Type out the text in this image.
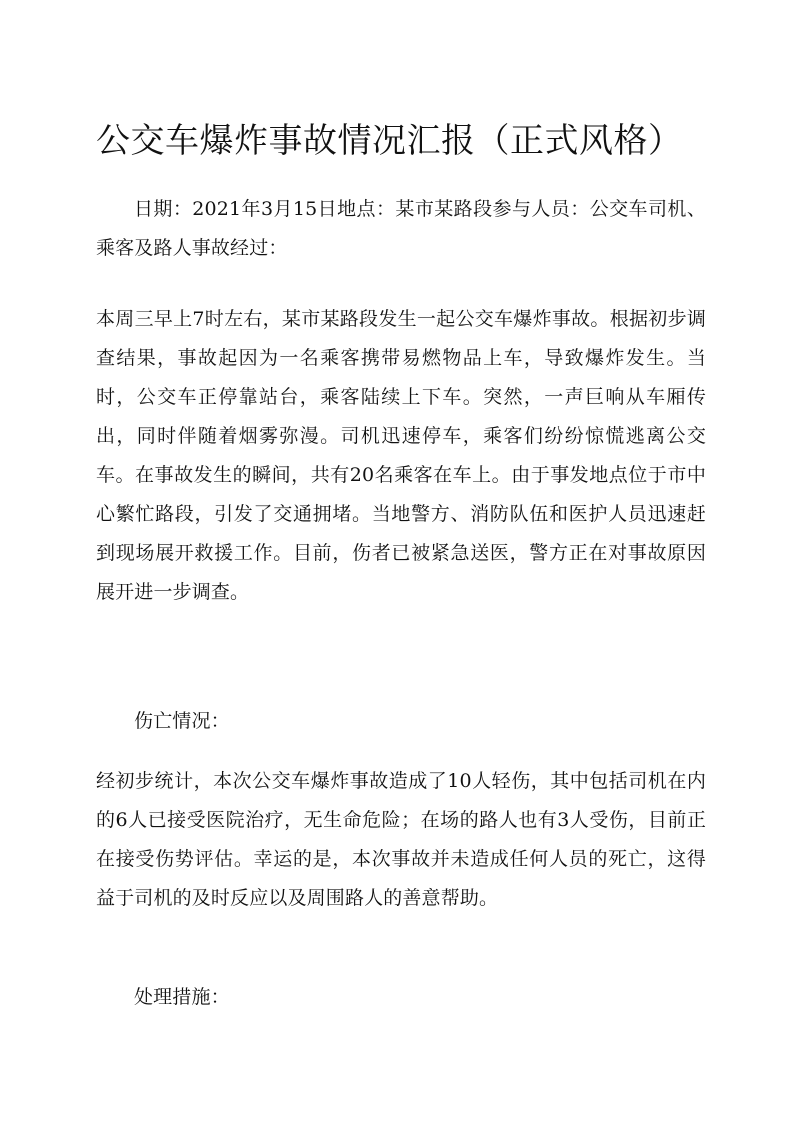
公交车爆炸事故情况汇报（正式风格）

日期：2021年3月15日地点：某市某路段参与人员：公交车司机、乘客及路人事故经过：

本周三早上7时左右，某市某路段发生一起公交车爆炸事故。根据初步调查结果，事故起因为一名乘客携带易燃物品上车，导致爆炸发生。当时，公交车正停靠站台，乘客陆续上下车。突然，一声巨响从车厢传出，同时伴随着烟雾弥漫。司机迅速停车，乘客们纷纷惊慌逃离公交车。在事故发生的瞬间，共有20名乘客在车上。由于事发地点位于市中心繁忙路段，引发了交通拥堵。当地警方、消防队伍和医护人员迅速赶到现场展开救援工作。目前，伤者已被紧急送医，警方正在对事故原因展开进一步调查。

伤亡情况：

经初步统计，本次公交车爆炸事故造成了10人轻伤，其中包括司机在内的6人已接受医院治疗，无生命危险；在场的路人也有3人受伤，目前正在接受伤势评估。幸运的是，本次事故并未造成任何人员的死亡，这得益于司机的及时反应以及周围路人的善意帮助。

处理措施：
